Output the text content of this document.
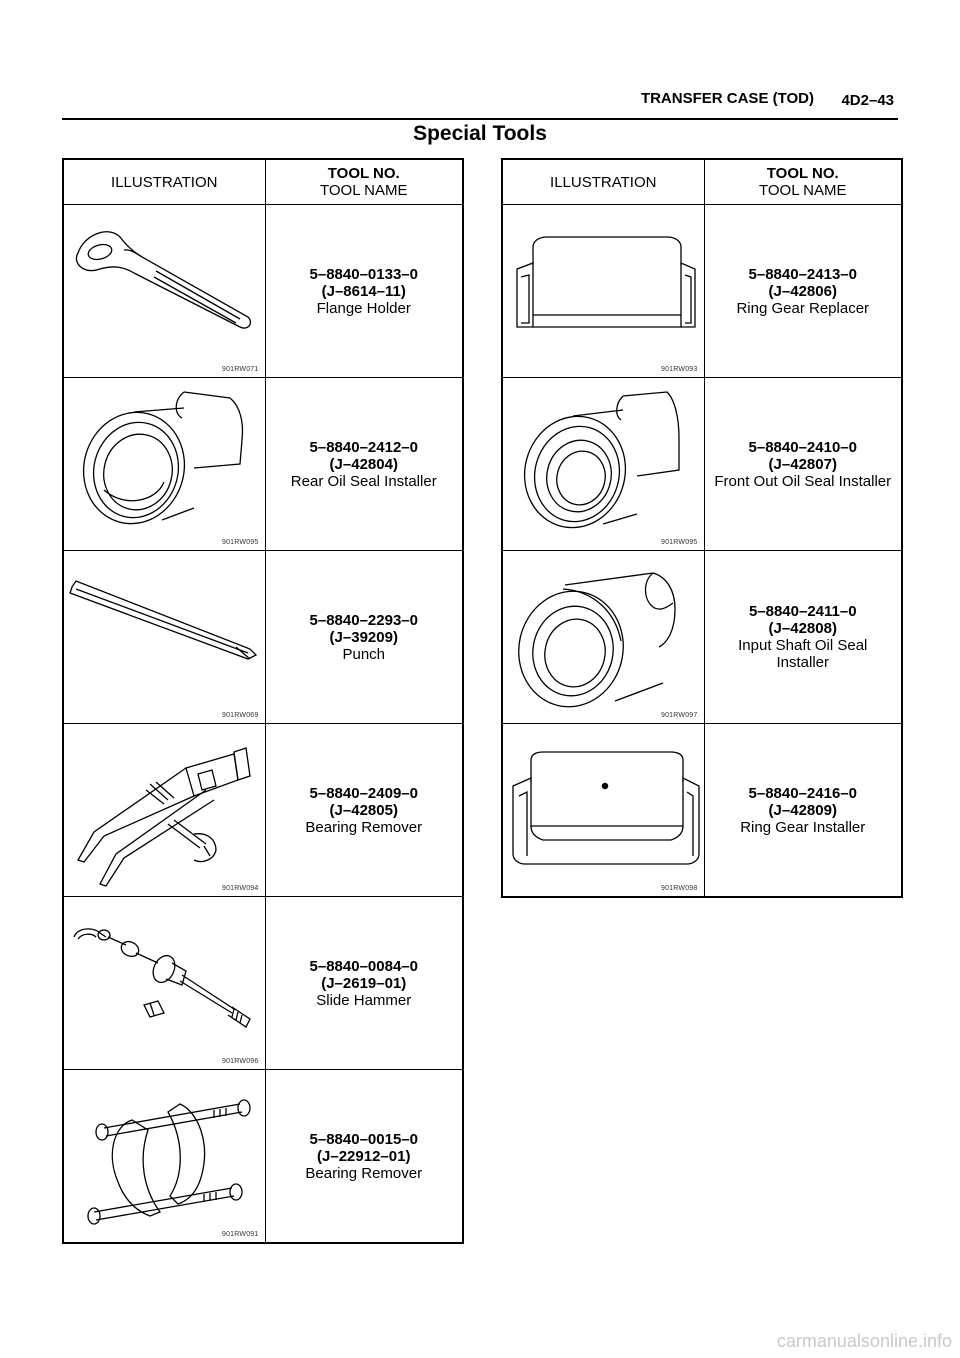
TRANSFER CASE (TOD) 4D2–43
Special Tools
ILLUSTRATION	TOOL NO.
TOOL NAME

901RW071	5–8840–0133–0
(J–8614–11)
Flange Holder

901RW095	5–8840–2412–0
(J–42804)
Rear Oil Seal Installer

901RW069	5–8840–2293–0
(J–39209)
Punch

901RW094	5–8840–2409–0
(J–42805)
Bearing Remover

901RW096	5–8840–0084–0
(J–2619–01)
Slide Hammer

901RW091	5–8840–0015–0
(J–22912–01)
Bearing Remover
ILLUSTRATION	TOOL NO.
TOOL NAME

901RW093	5–8840–2413–0
(J–42806)
Ring Gear Replacer

901RW095	5–8840–2410–0
(J–42807)
Front Out Oil Seal Installer

901RW097	5–8840–2411–0
(J–42808)
Input Shaft Oil Seal Installer

901RW098	5–8840–2416–0
(J–42809)
Ring Gear Installer
carmanualsonline.info
